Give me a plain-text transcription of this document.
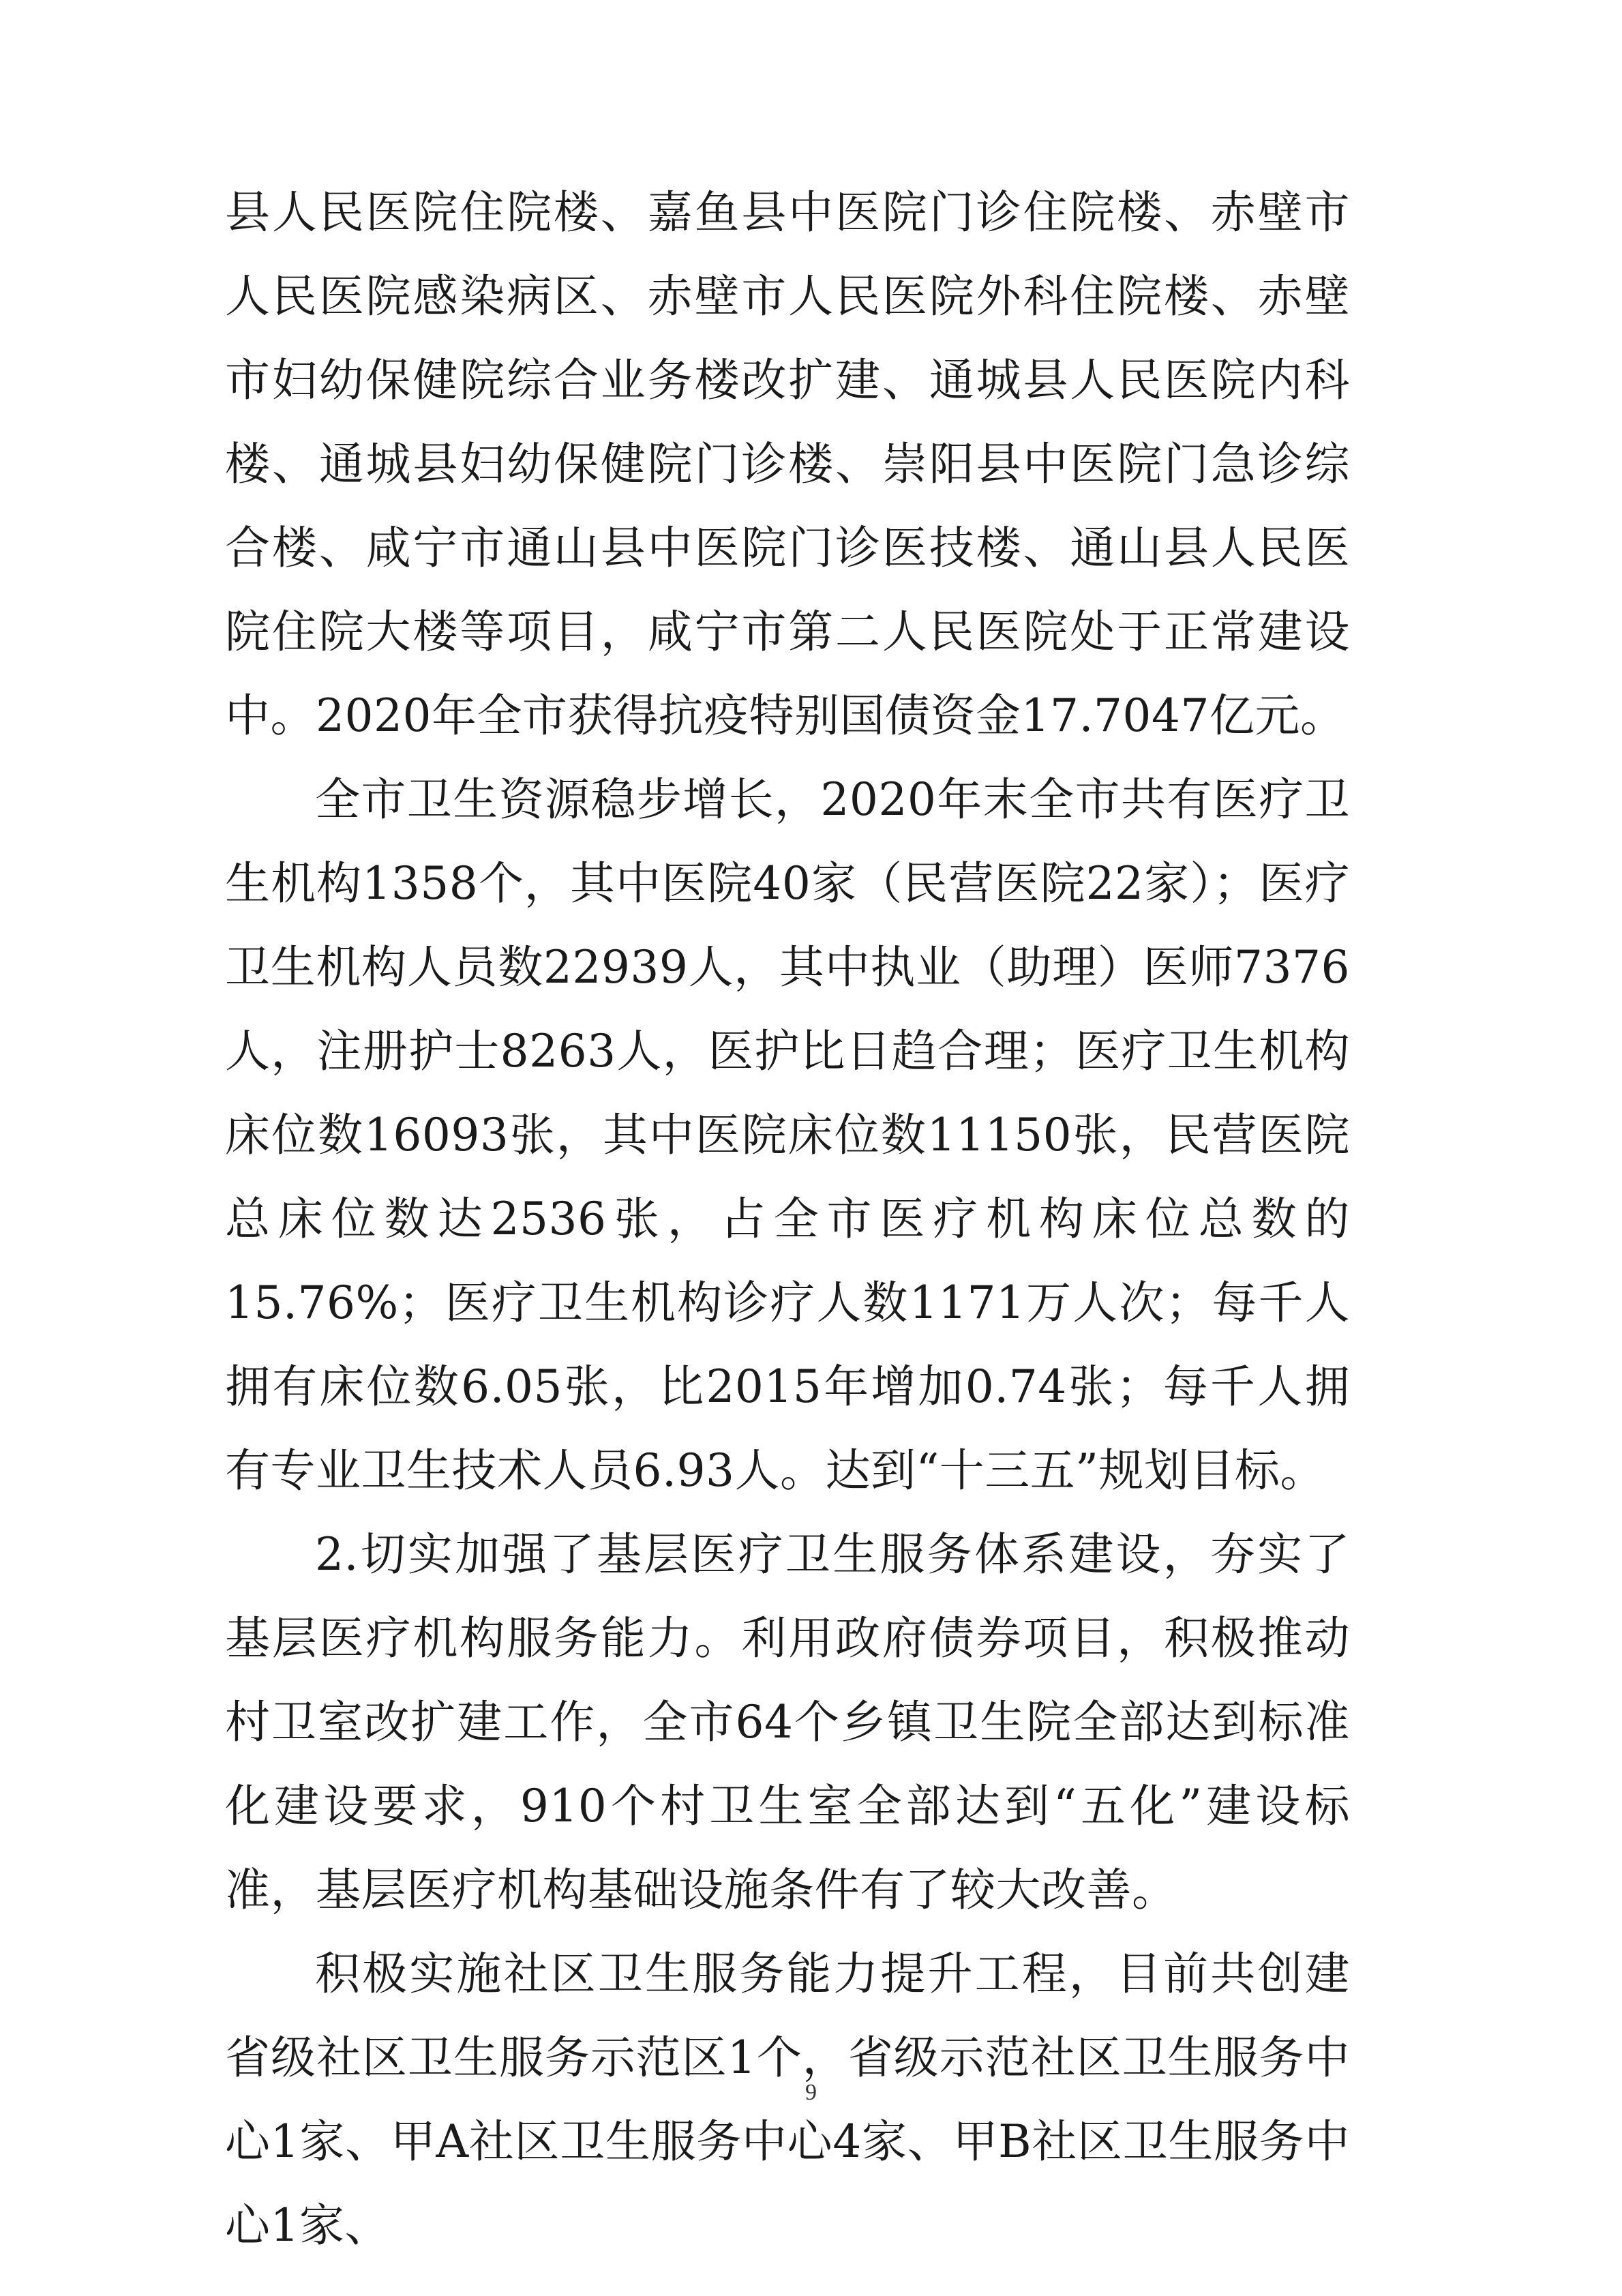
县人民医院住院楼、嘉鱼县中医院门诊住院楼、赤壁市人民医院感染病区、赤壁市人民医院外科住院楼、赤壁市妇幼保健院综合业务楼改扩建、通城县人民医院内科楼、通城县妇幼保健院门诊楼、崇阳县中医院门急诊综合楼、咸宁市通山县中医院门诊医技楼、通山县人民医院住院大楼等项目，咸宁市第二人民医院处于正常建设中。2020年全市获得抗疫特别国债资金17.7047亿元。

全市卫生资源稳步增长，2020年末全市共有医疗卫生机构1358个，其中医院40家（民营医院22家）；医疗卫生机构人员数22939人，其中执业（助理）医师7376人，注册护士8263人，医护比日趋合理；医疗卫生机构床位数16093张，其中医院床位数11150张，民营医院总床位数达2536张，占全市医疗机构床位总数的15.76%；医疗卫生机构诊疗人数1171万人次；每千人拥有床位数6.05张，比2015年增加0.74张；每千人拥有专业卫生技术人员6.93人。达到“十三五”规划目标。

2.切实加强了基层医疗卫生服务体系建设，夯实了基层医疗机构服务能力。利用政府债券项目，积极推动村卫室改扩建工作，全市64个乡镇卫生院全部达到标准化建设要求，910个村卫生室全部达到“五化”建设标准，基层医疗机构基础设施条件有了较大改善。

积极实施社区卫生服务能力提升工程，目前共创建省级社区卫生服务示范区1个，省级示范社区卫生服务中心1家、甲A社区卫生服务中心4家、甲B社区卫生服务中心1家、

9
